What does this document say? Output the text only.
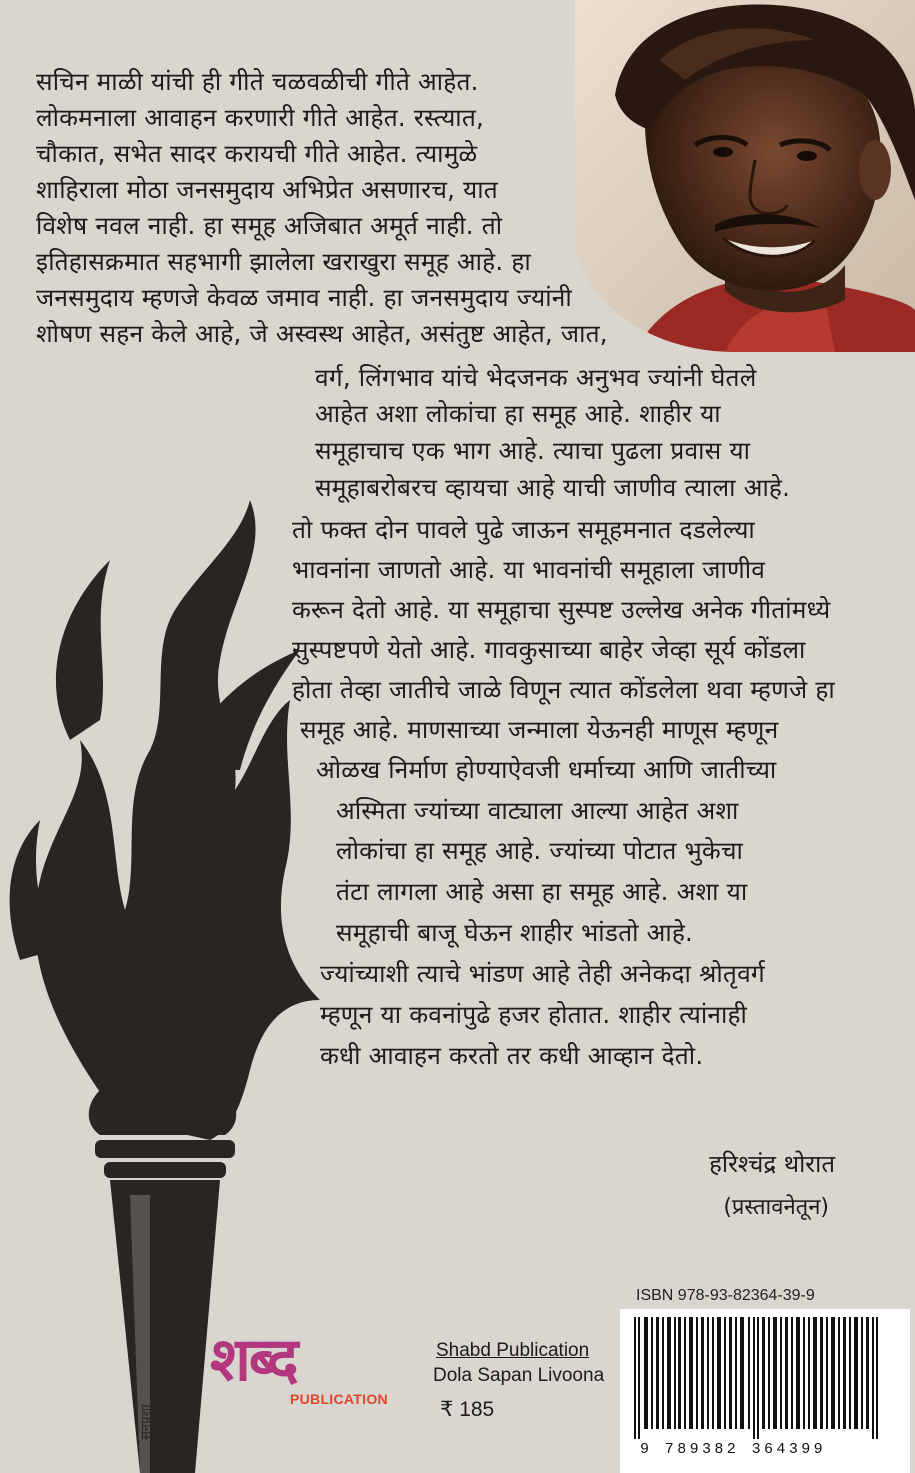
सनप्रशा
सचिन माळी यांची ही गीते चळवळीची गीते आहेत.
लोकमनाला आवाहन करणारी गीते आहेत. रस्त्यात,
चौकात, सभेत सादर करायची गीते आहेत. त्यामुळे
शाहिराला मोठा जनसमुदाय अभिप्रेत असणारच, यात
विशेष नवल नाही. हा समूह अजिबात अमूर्त नाही. तो
इतिहासक्रमात सहभागी झालेला खराखुरा समूह आहे. हा
जनसमुदाय म्हणजे केवळ जमाव नाही. हा जनसमुदाय ज्यांनी
शोषण सहन केले आहे, जे अस्वस्थ आहेत, असंतुष्ट आहेत, जात,
वर्ग, लिंगभाव यांचे भेदजनक अनुभव ज्यांनी घेतले
आहेत अशा लोकांचा हा समूह आहे. शाहीर या
समूहाचाच एक भाग आहे. त्याचा पुढला प्रवास या
समूहाबरोबरच व्हायचा आहे याची जाणीव त्याला आहे.
तो फक्त दोन पावले पुढे जाऊन समूहमनात दडलेल्या
भावनांना जाणतो आहे. या भावनांची समूहाला जाणीव
करून देतो आहे. या समूहाचा सुस्पष्ट उल्लेख अनेक गीतांमध्ये
सुस्पष्टपणे येतो आहे. गावकुसाच्या बाहेर जेव्हा सूर्य कोंडला
होता तेव्हा जातीचे जाळे विणून त्यात कोंडलेला थवा म्हणजे हा
समूह आहे. माणसाच्या जन्माला येऊनही माणूस म्हणून
ओळख निर्माण होण्याऐवजी धर्माच्या आणि जातीच्या
अस्मिता ज्यांच्या वाट्याला आल्या आहेत अशा
लोकांचा हा समूह आहे. ज्यांच्या पोटात भुकेचा
तंटा लागला आहे असा हा समूह आहे. अशा या
समूहाची बाजू घेऊन शाहीर भांडतो आहे.
ज्यांच्याशी त्याचे भांडण आहे तेही अनेकदा श्रोतृवर्ग
म्हणून या कवनांपुढे हजर होतात. शाहीर त्यांनाही
कधी आवाहन करतो तर कधी आव्हान देतो.
हरिश्चंद्र थोरात
(प्रस्तावनेतून)
शब्द
PUBLICATION
Shabd Publication
Dola Sapan Livoona
₹ 185
ISBN 978-93-82364-39-9
9 789382 364399
